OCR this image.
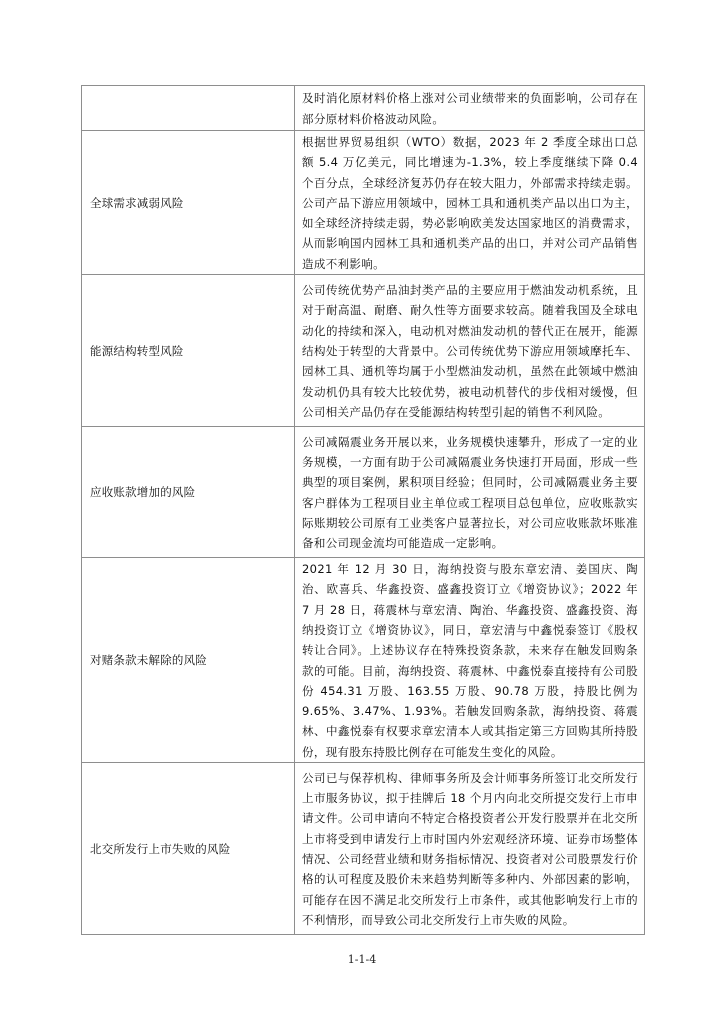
	及时消化原材料价格上涨对公司业绩带来的负面影响，公司存在部分原材料价格波动风险。
全球需求减弱风险	根据世界贸易组织（WTO）数据，2023 年 2 季度全球出口总额 5.4 万亿美元，同比增速为-1.3%，较上季度继续下降 0.4 个百分点，全球经济复苏仍存在较大阻力，外部需求持续走弱。公司产品下游应用领域中，园林工具和通机类产品以出口为主，如全球经济持续走弱，势必影响欧美发达国家地区的消费需求，从而影响国内园林工具和通机类产品的出口，并对公司产品销售造成不利影响。
能源结构转型风险	公司传统优势产品油封类产品的主要应用于燃油发动机系统，且对于耐高温、耐磨、耐久性等方面要求较高。随着我国及全球电动化的持续和深入，电动机对燃油发动机的替代正在展开，能源结构处于转型的大背景中。公司传统优势下游应用领域摩托车、园林工具、通机等均属于小型燃油发动机，虽然在此领域中燃油发动机仍具有较大比较优势，被电动机替代的步伐相对缓慢，但公司相关产品仍存在受能源结构转型引起的销售不利风险。
应收账款增加的风险	公司减隔震业务开展以来，业务规模快速攀升，形成了一定的业务规模，一方面有助于公司减隔震业务快速打开局面，形成一些典型的项目案例，累积项目经验；但同时，公司减隔震业务主要客户群体为工程项目业主单位或工程项目总包单位，应收账款实际账期较公司原有工业类客户显著拉长，对公司应收账款坏账准备和公司现金流均可能造成一定影响。
对赌条款未解除的风险	2021 年 12 月 30 日，海纳投资与股东章宏清、姜国庆、陶治、欧喜兵、华鑫投资、盛鑫投资订立《增资协议》；2022 年 7 月 28 日，蒋震林与章宏清、陶治、华鑫投资、盛鑫投资、海纳投资订立《增资协议》，同日，章宏清与中鑫悦泰签订《股权转让合同》。上述协议存在特殊投资条款，未来存在触发回购条款的可能。目前，海纳投资、蒋震林、中鑫悦泰直接持有公司股份 454.31 万股、163.55 万股、90.78 万股，持股比例为 9.65%、3.47%、1.93%。若触发回购条款，海纳投资、蒋震林、中鑫悦泰有权要求章宏清本人或其指定第三方回购其所持股份，现有股东持股比例存在可能发生变化的风险。
北交所发行上市失败的风险	公司已与保荐机构、律师事务所及会计师事务所签订北交所发行上市服务协议，拟于挂牌后 18 个月内向北交所提交发行上市申请文件。公司申请向不特定合格投资者公开发行股票并在北交所上市将受到申请发行上市时国内外宏观经济环境、证券市场整体情况、公司经营业绩和财务指标情况、投资者对公司股票发行价格的认可程度及股价未来趋势判断等多种内、外部因素的影响，可能存在因不满足北交所发行上市条件，或其他影响发行上市的不利情形，而导致公司北交所发行上市失败的风险。
1-1-4
